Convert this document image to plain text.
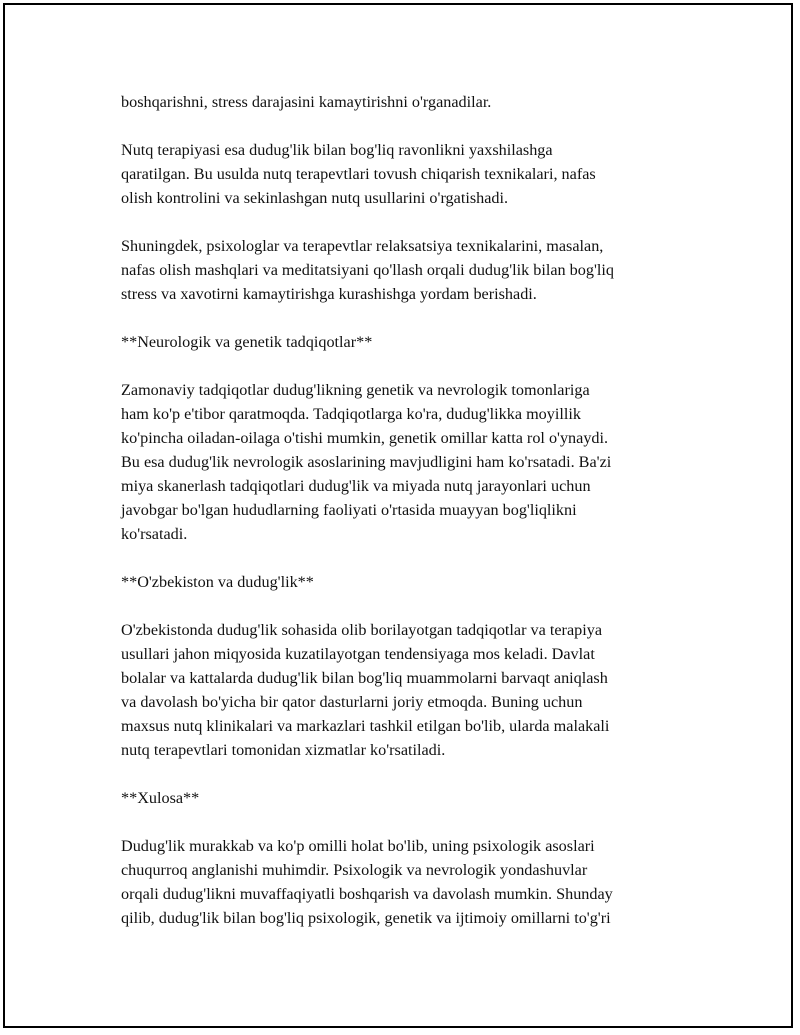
boshqarishni, stress darajasini kamaytirishni o'rganadilar.

Nutq terapiyasi esa dudug'lik bilan bog'liq ravonlikni yaxshilashga
qaratilgan. Bu usulda nutq terapevtlari tovush chiqarish texnikalari, nafas
olish kontrolini va sekinlashgan nutq usullarini o'rgatishadi.

Shuningdek, psixologlar va terapevtlar relaksatsiya texnikalarini, masalan,
nafas olish mashqlari va meditatsiyani qo'llash orqali dudug'lik bilan bog'liq
stress va xavotirni kamaytirishga kurashishga yordam berishadi.

**Neurologik va genetik tadqiqotlar**

Zamonaviy tadqiqotlar dudug'likning genetik va nevrologik tomonlariga
ham ko'p e'tibor qaratmoqda. Tadqiqotlarga ko'ra, dudug'likka moyillik
ko'pincha oiladan-oilaga o'tishi mumkin, genetik omillar katta rol o'ynaydi.
Bu esa dudug'lik nevrologik asoslarining mavjudligini ham ko'rsatadi. Ba'zi
miya skanerlash tadqiqotlari dudug'lik va miyada nutq jarayonlari uchun
javobgar bo'lgan hududlarning faoliyati o'rtasida muayyan bog'liqlikni
ko'rsatadi.

**O'zbekiston va dudug'lik**

O'zbekistonda dudug'lik sohasida olib borilayotgan tadqiqotlar va terapiya
usullari jahon miqyosida kuzatilayotgan tendensiyaga mos keladi. Davlat
bolalar va kattalarda dudug'lik bilan bog'liq muammolarni barvaqt aniqlash
va davolash bo'yicha bir qator dasturlarni joriy etmoqda. Buning uchun
maxsus nutq klinikalari va markazlari tashkil etilgan bo'lib, ularda malakali
nutq terapevtlari tomonidan xizmatlar ko'rsatiladi.

**Xulosa**

Dudug'lik murakkab va ko'p omilli holat bo'lib, uning psixologik asoslari
chuqurroq anglanishi muhimdir. Psixologik va nevrologik yondashuvlar
orqali dudug'likni muvaffaqiyatli boshqarish va davolash mumkin. Shunday
qilib, dudug'lik bilan bog'liq psixologik, genetik va ijtimoiy omillarni to'g'ri
